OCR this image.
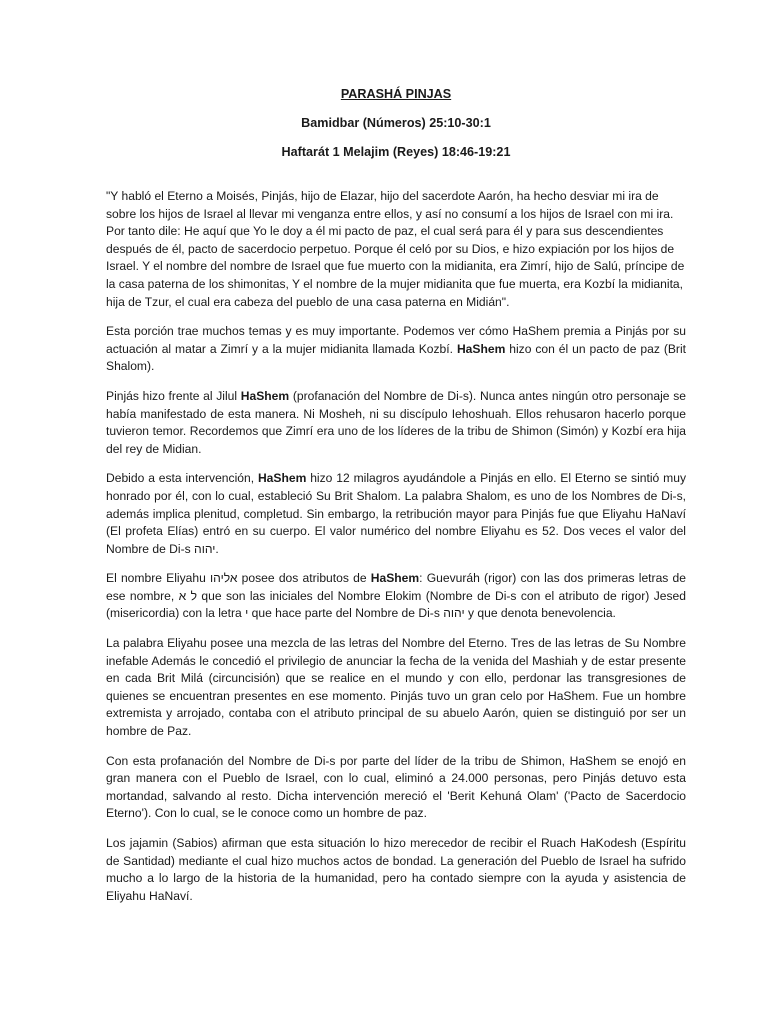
PARASHÁ PINJAS
Bamidbar (Números) 25:10-30:1
Haftarát 1 Melajim (Reyes) 18:46-19:21

"Y habló el Eterno a Moisés, Pinjás, hijo de Elazar, hijo del sacerdote Aarón, ha hecho desviar mi ira de sobre los hijos de Israel al llevar mi venganza entre ellos, y así no consumí a los hijos de Israel con mi ira. Por tanto dile: He aquí que Yo le doy a él mi pacto de paz, el cual será para él y para sus descendientes después de él, pacto de sacerdocio perpetuo. Porque él celó por su Dios, e hizo expiación por los hijos de Israel. Y el nombre del nombre de Israel que fue muerto con la midianita, era Zimrí, hijo de Salú, príncipe de la casa paterna de los shimonitas, Y el nombre de la mujer midianita que fue muerta, era Kozbí la midianita, hija de Tzur, el cual era cabeza del pueblo de una casa paterna en Midián".

Esta porción trae muchos temas y es muy importante. Podemos ver cómo HaShem premia a Pinjás por su actuación al matar a Zimrí y a la mujer midianita llamada Kozbí. HaShem hizo con él un pacto de paz (Brit Shalom).

Pinjás hizo frente al Jilul HaShem (profanación del Nombre de Di-s). Nunca antes ningún otro personaje se había manifestado de esta manera. Ni Mosheh, ni su discípulo Iehoshuah. Ellos rehusaron hacerlo porque tuvieron temor. Recordemos que Zimrí era uno de los líderes de la tribu de Shimon (Simón) y Kozbí era hija del rey de Midian.

Debido a esta intervención, HaShem hizo 12 milagros ayudándole a Pinjás en ello. El Eterno se sintió muy honrado por él, con lo cual, estableció Su Brit Shalom. La palabra Shalom, es uno de los Nombres de Di-s, además implica plenitud, completud. Sin embargo, la retribución mayor para Pinjás fue que Eliyahu HaNaví (El profeta Elías) entró en su cuerpo. El valor numérico del nombre Eliyahu es 52. Dos veces el valor del Nombre de Di-s יהוה.

El nombre Eliyahu אליהו posee dos atributos de HaShem: Guevuráh (rigor) con las dos primeras letras de ese nombre, ל א que son las iniciales del Nombre Elokim (Nombre de Di-s con el atributo de rigor) Jesed (misericordia) con la letra י que hace parte del Nombre de Di-s יהוה y que denota benevolencia.

La palabra Eliyahu posee una mezcla de las letras del Nombre del Eterno. Tres de las letras de Su Nombre inefable Además le concedió el privilegio de anunciar la fecha de la venida del Mashiah y de estar presente en cada Brit Milá (circuncisión) que se realice en el mundo y con ello, perdonar las transgresiones de quienes se encuentran presentes en ese momento. Pinjás tuvo un gran celo por HaShem. Fue un hombre extremista y arrojado, contaba con el atributo principal de su abuelo Aarón, quien se distinguió por ser un hombre de Paz.

Con esta profanación del Nombre de Di-s por parte del líder de la tribu de Shimon, HaShem se enojó en gran manera con el Pueblo de Israel, con lo cual, eliminó a 24.000 personas, pero Pinjás detuvo esta mortandad, salvando al resto. Dicha intervención mereció el 'Berit Kehuná Olam' ('Pacto de Sacerdocio Eterno'). Con lo cual, se le conoce como un hombre de paz.

Los jajamin (Sabios) afirman que esta situación lo hizo merecedor de recibir el Ruach HaKodesh (Espíritu de Santidad) mediante el cual hizo muchos actos de bondad. La generación del Pueblo de Israel ha sufrido mucho a lo largo de la historia de la humanidad, pero ha contado siempre con la ayuda y asistencia de Eliyahu HaNaví.
